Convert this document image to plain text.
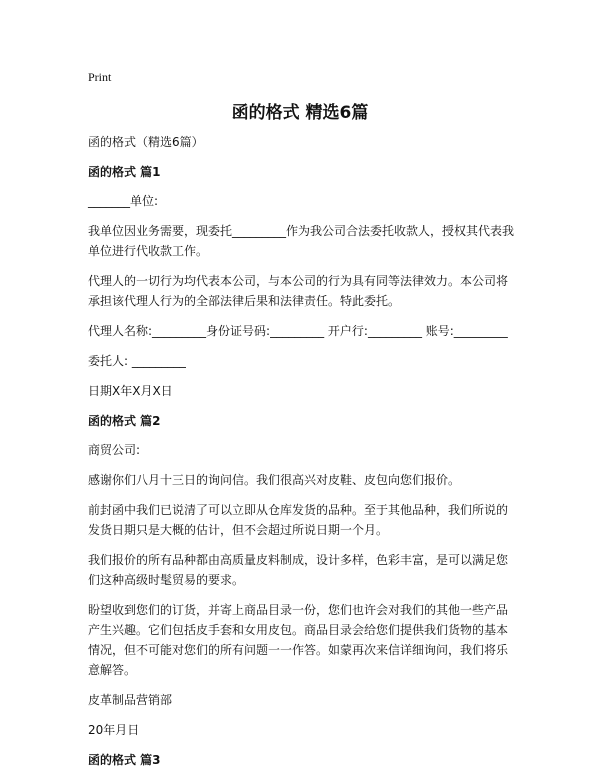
Print
函的格式 精选6篇

函的格式（精选6篇）

函的格式 篇1

_______单位:

我单位因业务需要，现委托_________作为我公司合法委托收款人，授权其代表我单位进行代收款工作。

代理人的一切行为均代表本公司，与本公司的行为具有同等法律效力。本公司将承担该代理人行为的全部法律后果和法律责任。特此委托。

代理人名称:_________身份证号码:_________ 开户行:_________ 账号:_________

委托人: _________

日期X年X月X日

函的格式 篇2

商贸公司:

感谢你们八月十三日的询问信。我们很高兴对皮鞋、皮包向您们报价。

前封函中我们已说清了可以立即从仓库发货的品种。至于其他品种，我们所说的发货日期只是大概的估计，但不会超过所说日期一个月。

我们报价的所有品种都由高质量皮料制成，设计多样，色彩丰富，是可以满足您们这种高级时髦贸易的要求。

盼望收到您们的订货，并寄上商品目录一份，您们也许会对我们的其他一些产品产生兴趣。它们包括皮手套和女用皮包。商品目录会给您们提供我们货物的基本情况，但不可能对您们的所有问题一一作答。如蒙再次来信详细询问，我们将乐意解答。

皮革制品营销部

20年月日

函的格式 篇3
